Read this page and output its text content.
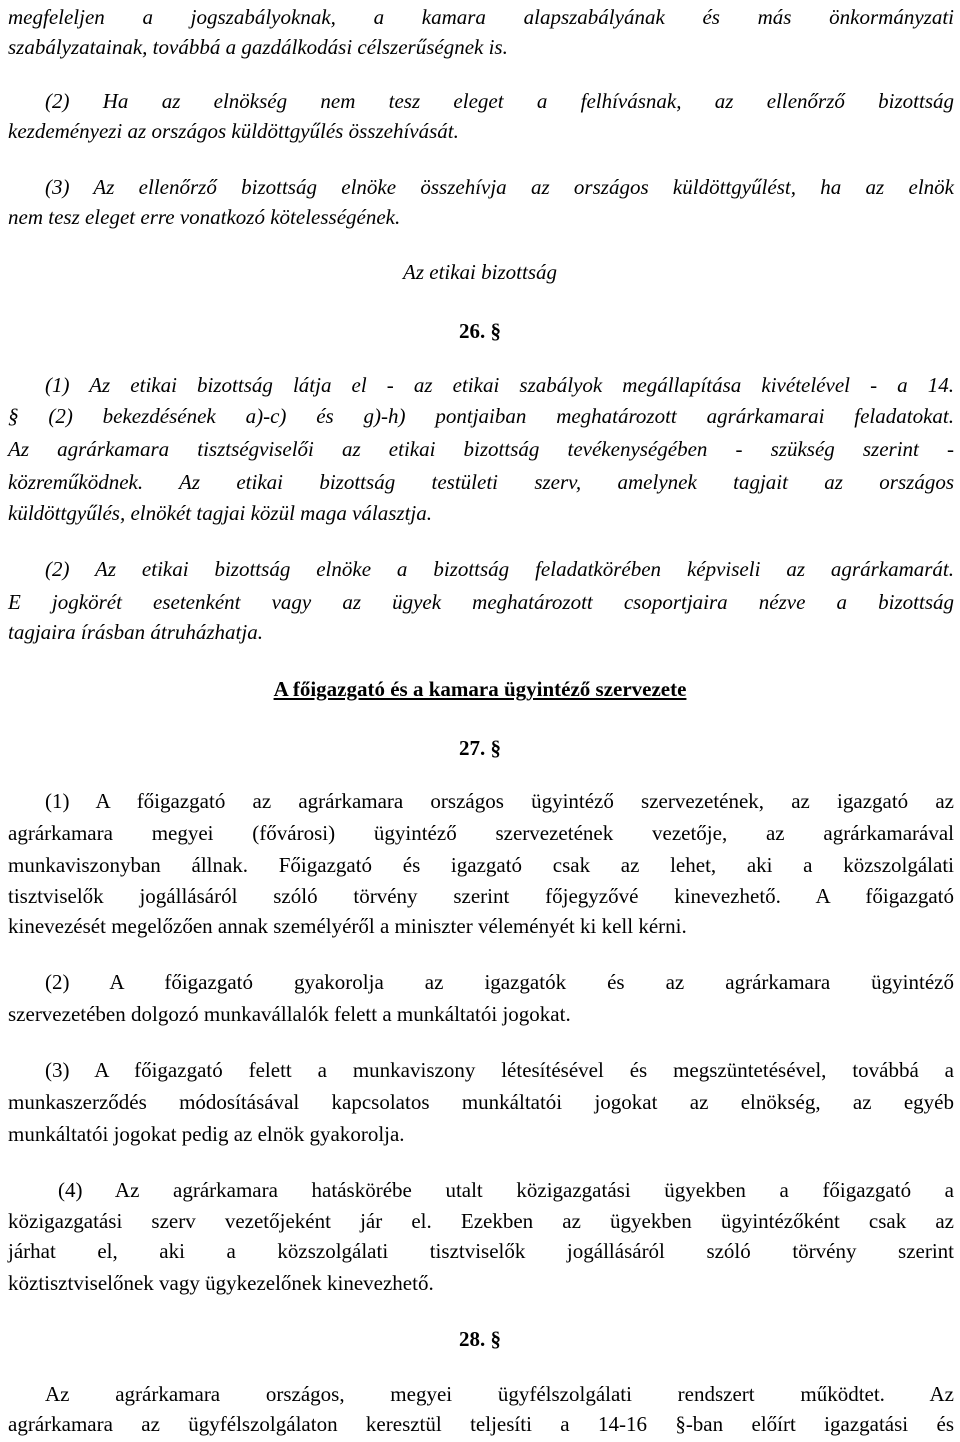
megfeleljen a jogszabályoknak, a kamara alapszabályának és más önkormányzati
szabályzatainak, továbbá a gazdálkodási célszerűségnek is.
(2) Ha az elnökség nem tesz eleget a felhívásnak, az ellenőrző bizottság
kezdeményezi az országos küldöttgyűlés összehívását.
(3) Az ellenőrző bizottság elnöke összehívja az országos küldöttgyűlést, ha az elnök
nem tesz eleget erre vonatkozó kötelességének.
Az etikai bizottság
26. §
(1) Az etikai bizottság látja el - az etikai szabályok megállapítása kivételével - a 14.
§ (2) bekezdésének a)-c) és g)-h) pontjaiban meghatározott agrárkamarai feladatokat.
Az agrárkamara tisztségviselői az etikai bizottság tevékenységében - szükség szerint -
közreműködnek. Az etikai bizottság testületi szerv, amelynek tagjait az országos
küldöttgyűlés, elnökét tagjai közül maga választja.
(2) Az etikai bizottság elnöke a bizottság feladatkörében képviseli az agrárkamarát.
E jogkörét esetenként vagy az ügyek meghatározott csoportjaira nézve a bizottság
tagjaira írásban átruházhatja.
A főigazgató és a kamara ügyintéző szervezete
27. §
(1) A főigazgató az agrárkamara országos ügyintéző szervezetének, az igazgató az
agrárkamara megyei (fővárosi) ügyintéző szervezetének vezetője, az agrárkamarával
munkaviszonyban állnak. Főigazgató és igazgató csak az lehet, aki a közszolgálati
tisztviselők jogállásáról szóló törvény szerint főjegyzővé kinevezhető. A főigazgató
kinevezését megelőzően annak személyéről a miniszter véleményét ki kell kérni.
(2) A főigazgató gyakorolja az igazgatók és az agrárkamara ügyintéző
szervezetében dolgozó munkavállalók felett a munkáltatói jogokat.
(3) A főigazgató felett a munkaviszony létesítésével és megszüntetésével, továbbá a
munkaszerződés módosításával kapcsolatos munkáltatói jogokat az elnökség, az egyéb
munkáltatói jogokat pedig az elnök gyakorolja.
(4) Az agrárkamara hatáskörébe utalt közigazgatási ügyekben a főigazgató a
közigazgatási szerv vezetőjeként jár el. Ezekben az ügyekben ügyintézőként csak az
járhat el, aki a közszolgálati tisztviselők jogállásáról szóló törvény szerint
köztisztviselőnek vagy ügykezelőnek kinevezhető.
28. §
Az agrárkamara országos, megyei ügyfélszolgálati rendszert működtet. Az
agrárkamara az ügyfélszolgálaton keresztül teljesíti a 14-16 §-ban előírt igazgatási és
